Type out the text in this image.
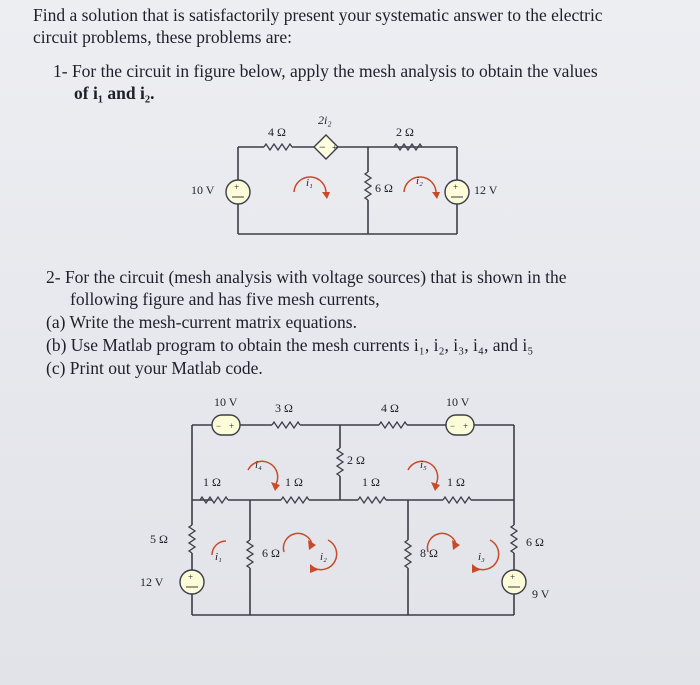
Find a solution that is satisfactorily present your systematic answer to the electric
circuit problems, these problems are:
1- For the circuit in figure below, apply the mesh analysis to obtain the values
of i₁ and i₂.
− +
+	+
4 Ω
2i₂
2 Ω
6 Ω
10 V	12 V
i₁	i₂
2- For the circuit (mesh analysis with voltage sources) that is shown in the
following figure and has five mesh currents,
(a) Write the mesh-current matrix equations.
(b) Use Matlab program to obtain the mesh currents i₁, i₂, i₃, i₄, and i₅
(c) Print out your Matlab code.
− +	− +
+	+
10 V	3 Ω	4 Ω	10 V
1 Ω	1 Ω
2 Ω
1 Ω	1 Ω
5 Ω
6 Ω	8 Ω
6 Ω
12 V
9 V
i₁	i₂	i₃
i₄	i₅
